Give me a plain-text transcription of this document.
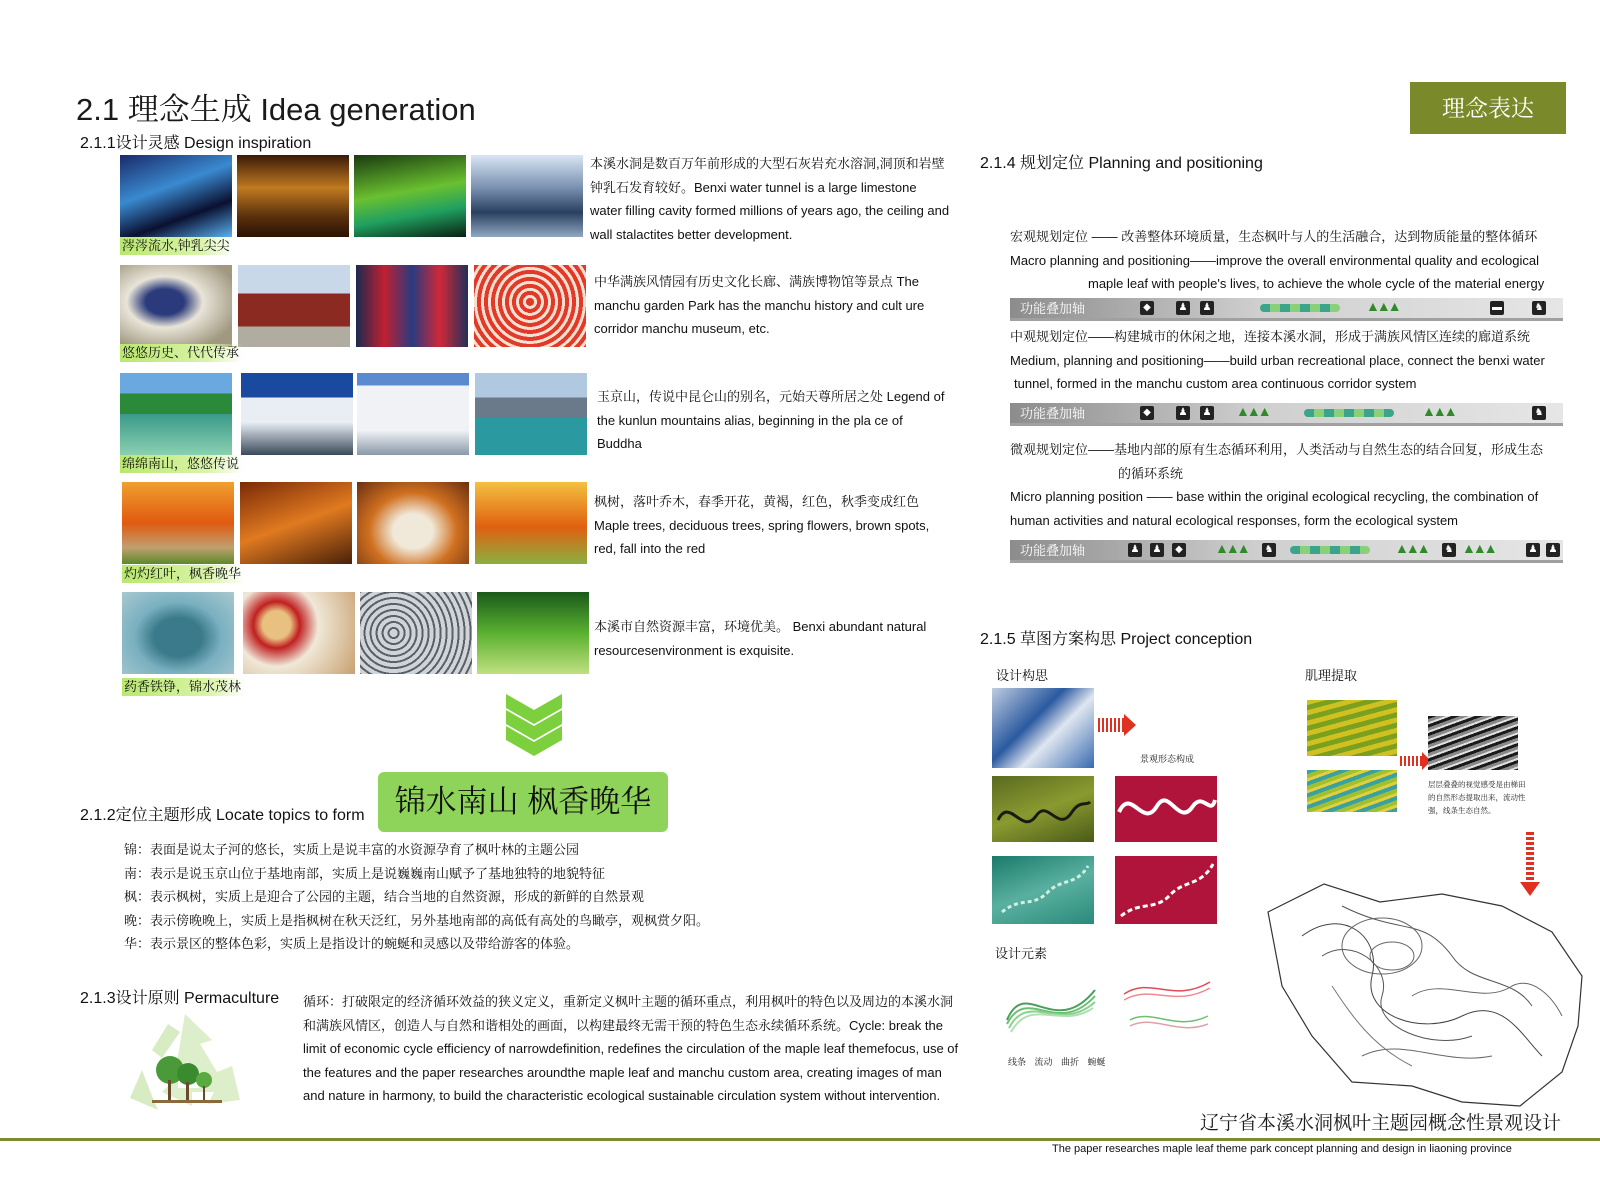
2.1 理念生成 Idea generation	理念表达
2.1.1设计灵感 Design inspiration
涔涔流水,钟乳尖尖
本溪水洞是数百万年前形成的大型石灰岩充水溶洞,洞顶和岩壁钟乳石发育较好。Benxi water tunnel is a large limestone water filling cavity formed millions of years ago, the ceiling and wall stalactites better development.
悠悠历史、代代传承
中华满族风情园有历史文化长廊、满族博物馆等景点 The manchu garden Park has the manchu history and cult ure corridor manchu museum, etc.
绵绵南山，悠悠传说
玉京山，传说中昆仑山的别名，元始天尊所居之处 Legend of the kunlun mountains alias, beginning in the pla ce of Buddha
灼灼红叶，枫香晚华
枫树，落叶乔木，春季开花，黄褐，红色，秋季变成红色 Maple trees, deciduous trees, spring flowers, brown spots, red, fall into the red
药香铁铮，锦水茂林
本溪市自然资源丰富，环境优美。 Benxi abundant natural resourcesenvironment is exquisite.
2.1.2定位主题形成 Locate topics to form 锦水南山 枫香晚华
锦：表面是说太子河的悠长，实质上是说丰富的水资源孕育了枫叶林的主题公园
南：表示是说玉京山位于基地南部，实质上是说巍巍南山赋予了基地独特的地貌特征
枫：表示枫树，实质上是迎合了公园的主题，结合当地的自然资源，形成的新鲜的自然景观
晚：表示傍晚晚上，实质上是指枫树在秋天泛红，另外基地南部的高低有高处的鸟瞰亭，观枫赏夕阳。
华：表示景区的整体色彩，实质上是指设计的蜿蜒和灵感以及带给游客的体验。
2.1.3设计原则 Permaculture 循环：打破限定的经济循环效益的狭义定义，重新定义枫叶主题的循环重点，利用枫叶的特色以及周边的本溪水洞和满族风情区，创造人与自然和谐相处的画面，以构建最终无需干预的特色生态永续循环系统。Cycle: break the limit of economic cycle efficiency of narrowdefinition, redefines the circulation of the maple leaf themefocus, use of the features and the paper researches aroundthe maple leaf and manchu custom area, creating images of man and nature in harmony, to build the characteristic ecological sustainable circulation system without intervention.
2.1.4 规划定位 Planning and positioning
宏观规划定位 —— 改善整体环境质量，生态枫叶与人的生活融合，达到物质能量的整体循环
Macro planning and positioning——improve the overall environmental quality and ecological
maple leaf with people's lives, to achieve the whole cycle of the material energy
功能叠加轴	◆	♟ ♟	▲▲▲	▬	♞
中观规划定位——构建城市的休闲之地，连接本溪水洞，形成于满族风情区连续的廊道系统
Medium, planning and positioning——build urban recreational place, connect the benxi water
tunnel, formed in the manchu custom area continuous corridor system
功能叠加轴	◆	♟ ♟ ▲▲▲	▲▲▲	♞
微观规划定位——基地内部的原有生态循环利用，人类活动与自然生态的结合回复，形成生态
的循环系统
Micro planning position —— base within the original ecological recycling, the combination of
human activities and natural ecological responses, form the ecological system
功能叠加轴	♟ ♟	◆ ▲▲▲ ♞	▲▲▲ ♞ ▲▲▲	♟ ♟
2.1.5 草图方案构思 Project conception
设计构思	肌理提取
景观形态构成
层层叠叠的视觉感受是由梯田的自然形态提取出来，流动性强，线条生态自然。
设计元素
线条 流动 曲折 蜿蜒
辽宁省本溪水洞枫叶主题园概念性景观设计
The paper researches maple leaf theme park concept planning and design in liaoning province
